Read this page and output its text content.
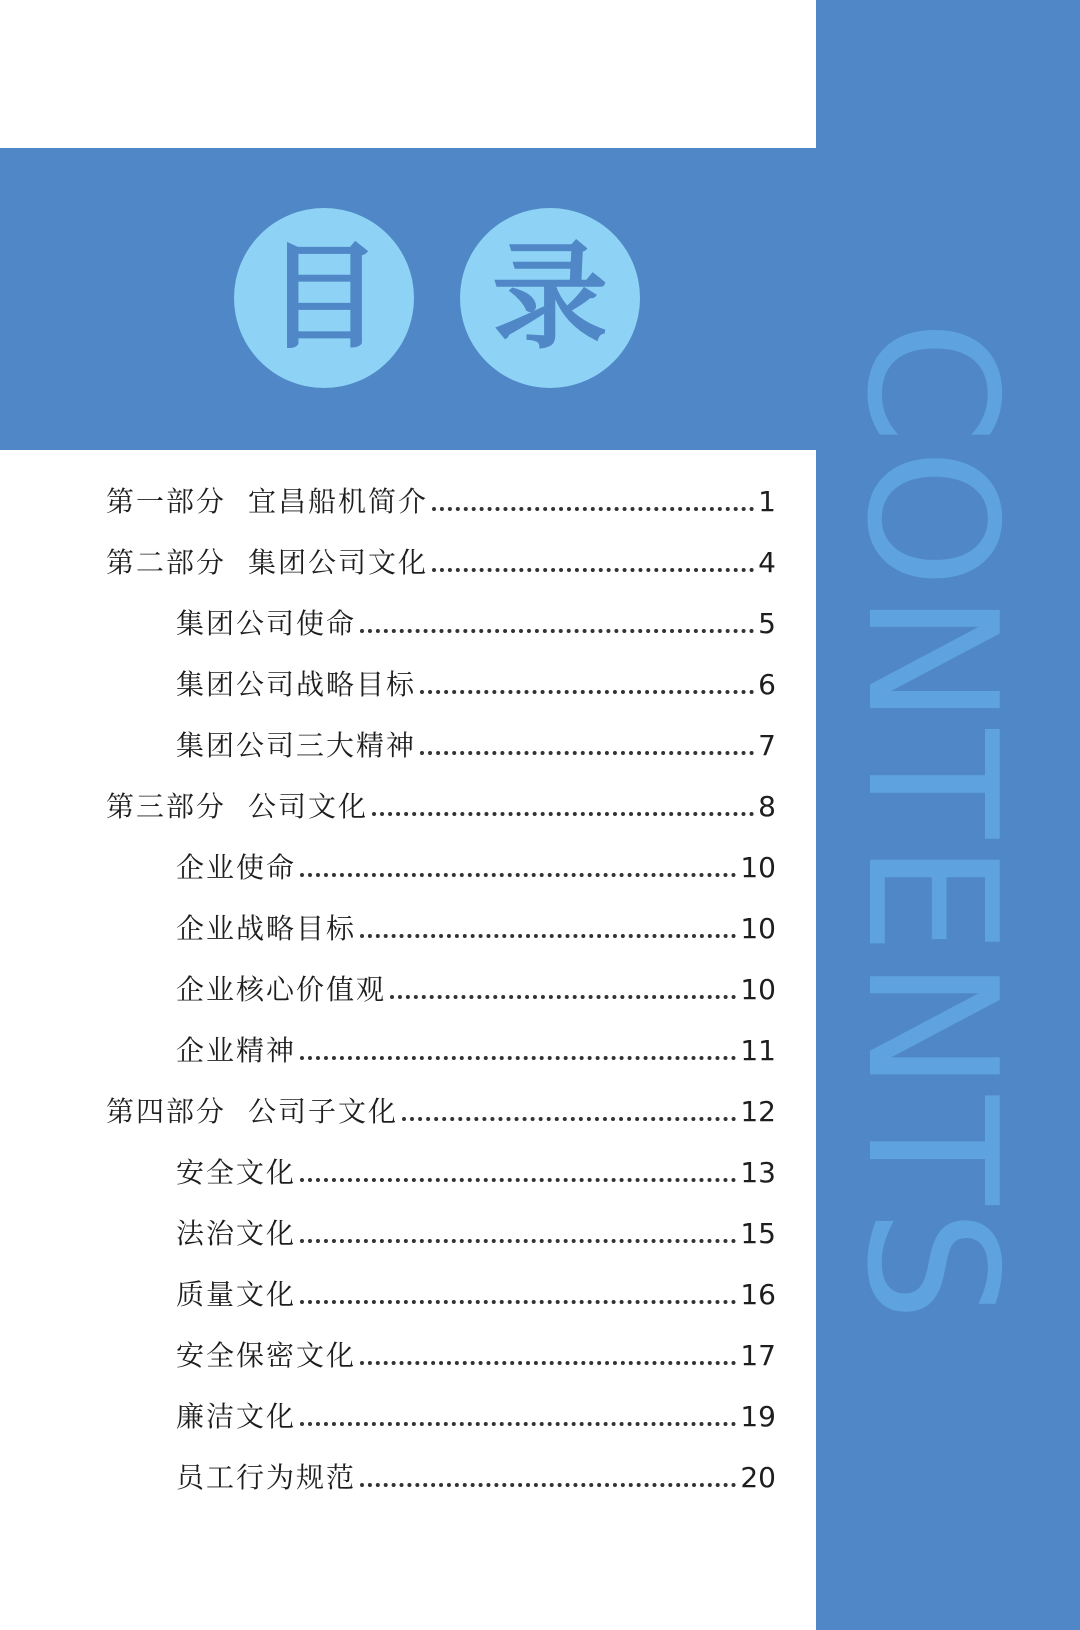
目 录
CONTENTS
第一部分 宜昌船机简介	1
第二部分 集团公司文化	4
集团公司使命	5
集团公司战略目标	6
集团公司三大精神	7
第三部分 公司文化	8
企业使命	10
企业战略目标	10
企业核心价值观	10
企业精神	11
第四部分 公司子文化	12
安全文化	13
法治文化	15
质量文化	16
安全保密文化	17
廉洁文化	19
员工行为规范	20
